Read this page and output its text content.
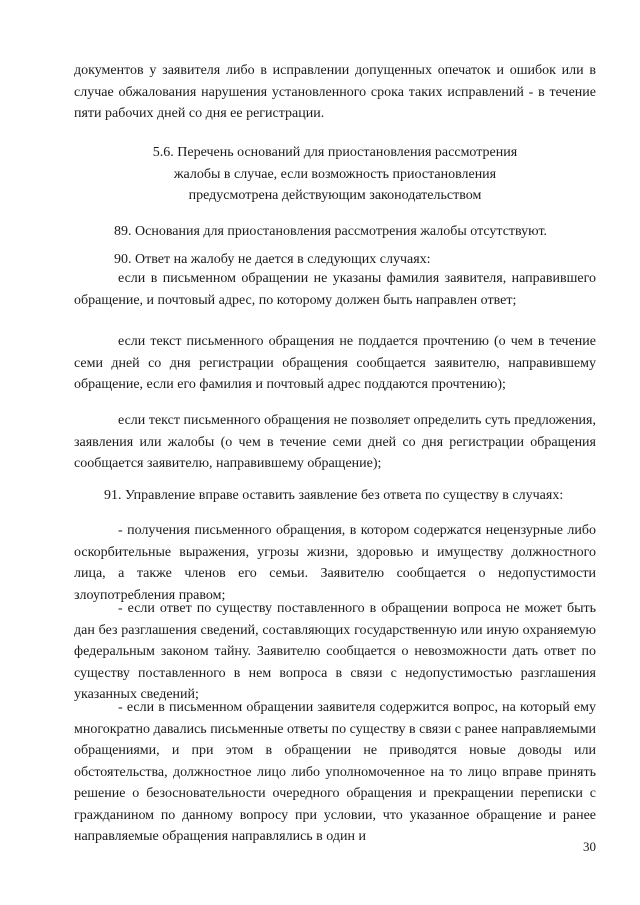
документов у заявителя либо в исправлении допущенных опечаток и ошибок или в случае обжалования нарушения установленного срока таких исправлений - в течение пяти рабочих дней со дня ее регистрации.

5.6. Перечень оснований для приостановления рассмотрения жалобы в случае, если возможность приостановления предусмотрена действующим законодательством

89. Основания для приостановления рассмотрения жалобы отсутствуют.

90. Ответ на жалобу не дается в следующих случаях:

если в письменном обращении не указаны фамилия заявителя, направившего обращение, и почтовый адрес, по которому должен быть направлен ответ;

если текст письменного обращения не поддается прочтению (о чем в течение семи дней со дня регистрации обращения сообщается заявителю, направившему обращение, если его фамилия и почтовый адрес поддаются прочтению);

если текст письменного обращения не позволяет определить суть предложения, заявления или жалобы (о чем в течение семи дней со дня регистрации обращения сообщается заявителю, направившему обращение);

91. Управление вправе оставить заявление без ответа по существу в случаях:

- получения письменного обращения, в котором содержатся нецензурные либо оскорбительные выражения, угрозы жизни, здоровью и имуществу должностного лица, а также членов его семьи. Заявителю сообщается о недопустимости злоупотребления правом;

- если ответ по существу поставленного в обращении вопроса не может быть дан без разглашения сведений, составляющих государственную или иную охраняемую федеральным законом тайну. Заявителю сообщается о невозможности дать ответ по существу поставленного в нем вопроса в связи с недопустимостью разглашения указанных сведений;

- если в письменном обращении заявителя содержится вопрос, на который ему многократно давались письменные ответы по существу в связи с ранее направляемыми обращениями, и при этом в обращении не приводятся новые доводы или обстоятельства, должностное лицо либо уполномоченное на то лицо вправе принять решение о безосновательности очередного обращения и прекращении переписки с гражданином по данному вопросу при условии, что указанное обращение и ранее направляемые обращения направлялись в один и

30
